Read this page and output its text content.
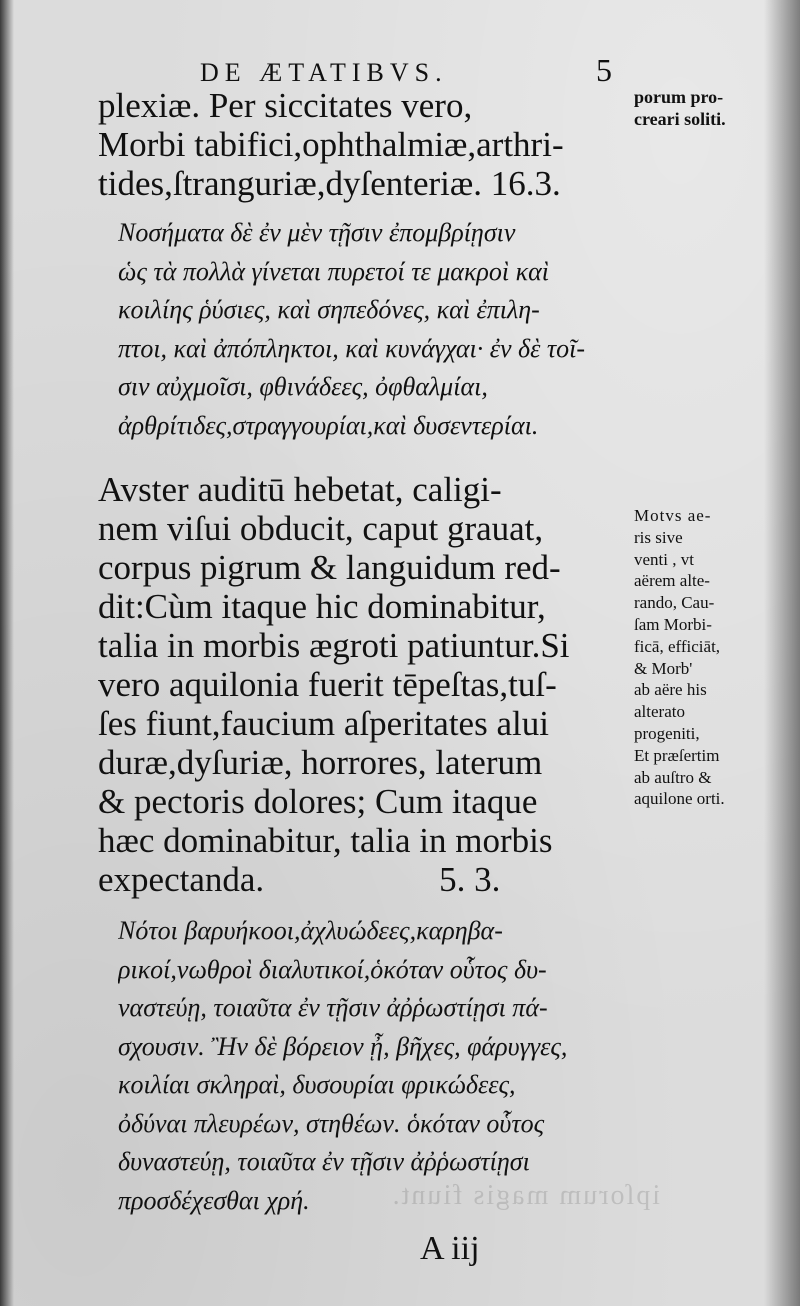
ipſorum magis fiunt.
DE ÆTATIBVS.	5
plexiæ. Per siccitates vero,
Morbi tabifici,ophthalmiæ,arthri-
tides,ſtranguriæ,dyſenteriæ. 16.3.
Νοσήματα δὲ ἐν μὲν τῇσιν ἐπομβρίῃσιν
ὡς τὰ πολλὰ γίνεται πυρετοί τε μακροὶ καὶ
κοιλίης ῥύσιες, καὶ σηπεδόνες, καὶ ἐπιλη-
πτοι, καὶ ἀπόπληκτοι, καὶ κυνάγχαι· ἐν δὲ τοῖ-
σιν αὐχμοῖσι, φθινάδεες, ὀφθαλμίαι,
ἀρθρίτιδες,στραγγουρίαι,καὶ δυσεντερίαι.
Avster auditū hebetat, caligi-
nem viſui obducit, caput grauat,
corpus pigrum & languidum red-
dit:Cùm itaque hic dominabitur,
talia in morbis ægroti patiuntur.Si
vero aquilonia fuerit tēpeſtas,tuſ-
ſes fiunt,faucium aſperitates alui
duræ,dyſuriæ, horrores, laterum
& pectoris dolores; Cum itaque
hæc dominabitur, talia in morbis
expectanda.                    5. 3.
Νότοι βαρυήκοοι,ἀχλυώδεες,καρηβα-
ρικοί,νωθροὶ διαλυτικοί,ὁκόταν οὗτος δυ-
ναστεύῃ, τοιαῦτα ἐν τῇσιν ἀῤῥωστίῃσι πά-
σχουσιν. Ἢν δὲ βόρειον ᾖ, βῆχες, φάρυγγες,
κοιλίαι σκληραὶ, δυσουρίαι φρικώδεες,
ὀδύναι πλευρέων, στηθέων. ὁκόταν οὗτος
δυναστεύῃ, τοιαῦτα ἐν τῇσιν ἀῤῥωστίῃσι
προσδέχεσθαι χρή.
porum pro-
creari soliti.
Motvs ae-
ris sive
venti , vt
aërem alte-
rando, Cau-
ſam Morbi-
ficā, efficiāt,
& Morb'
ab aëre his
alterato
progeniti,
Et præſertim
ab auſtro &
aquilone orti.
A iij
